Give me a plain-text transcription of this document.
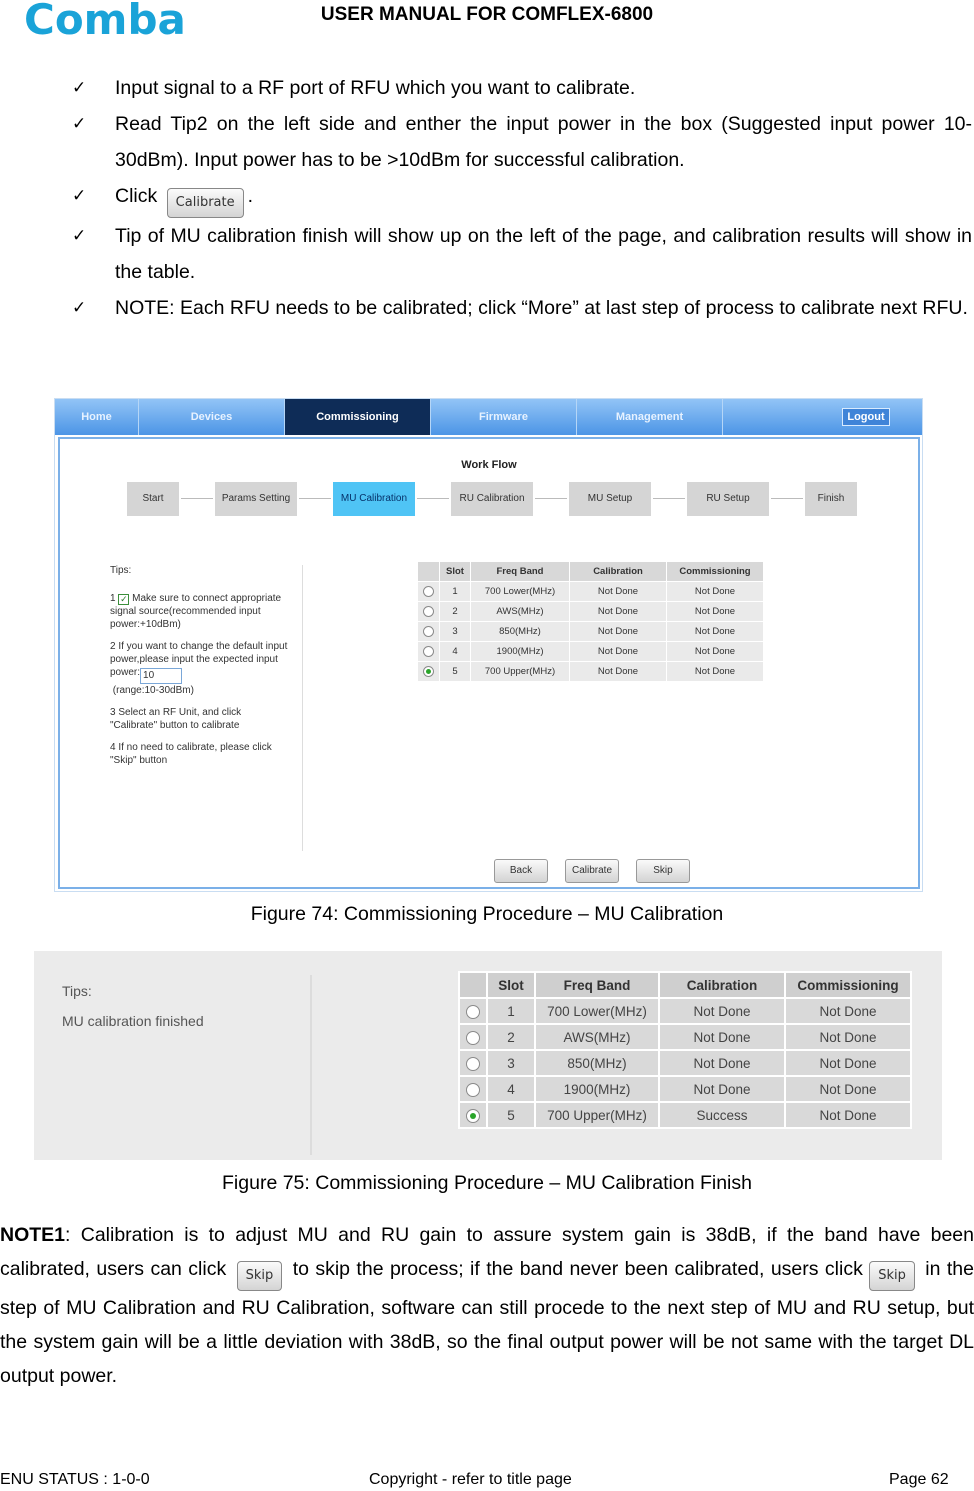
Comba	USER MANUAL FOR COMFLEX-6800
✓ Input signal to a RF port of RFU which you want to calibrate.
✓ Read Tip2 on the left side and enther the input power in the box (Suggested input power 10-30dBm). Input power has to be >10dBm for successful calibration.
✓ Click Calibrate .
✓ Tip of MU calibration finish will show up on the left of the page, and calibration results will show in the table.
✓ NOTE: Each RFU needs to be calibrated; click “More” at last step of process to calibrate next RFU.
Home	Devices	Commissioning	Firmware	Management	Logout
Work Flow
Start	Params Setting	MU Calibration	RU Calibration	MU Setup	RU Setup	Finish

Tips:

1 ✓ Make sure to connect appropriate signal source(recommended input power:+10dBm)

2 If you want to change the default input power,please input the expected input power: 10
(range:10-30dBm)

3 Select an RF Unit, and click "Calibrate" button to calibrate

4 If no need to calibrate, please click "Skip" button

	Slot	Freq Band	Calibration	Commissioning
	1	700 Lower(MHz)	Not Done	Not Done
	2	AWS(MHz)	Not Done	Not Done
	3	850(MHz)	Not Done	Not Done
	4	1900(MHz)	Not Done	Not Done
	5	700 Upper(MHz)	Not Done	Not Done
Back	Calibrate	Skip
Figure 74: Commissioning Procedure – MU Calibration
Tips:
MU calibration finished
	Slot	Freq Band	Calibration	Commissioning
	1	700 Lower(MHz)	Not Done	Not Done
	2	AWS(MHz)	Not Done	Not Done
	3	850(MHz)	Not Done	Not Done
	4	1900(MHz)	Not Done	Not Done
	5	700 Upper(MHz)	Success	Not Done
Figure 75: Commissioning Procedure – MU Calibration Finish
NOTE1: Calibration is to adjust MU and RU gain to assure system gain is 38dB, if the band have been calibrated, users can click Skip to skip the process; if the band never been calibrated, users click Skip in the step of MU Calibration and RU Calibration, software can still procede to the next step of MU and RU setup, but the system gain will be a little deviation with 38dB, so the final output power will be not same with the target DL output power.
ENU STATUS : 1-0-0	Copyright - refer to title page	Page 62
